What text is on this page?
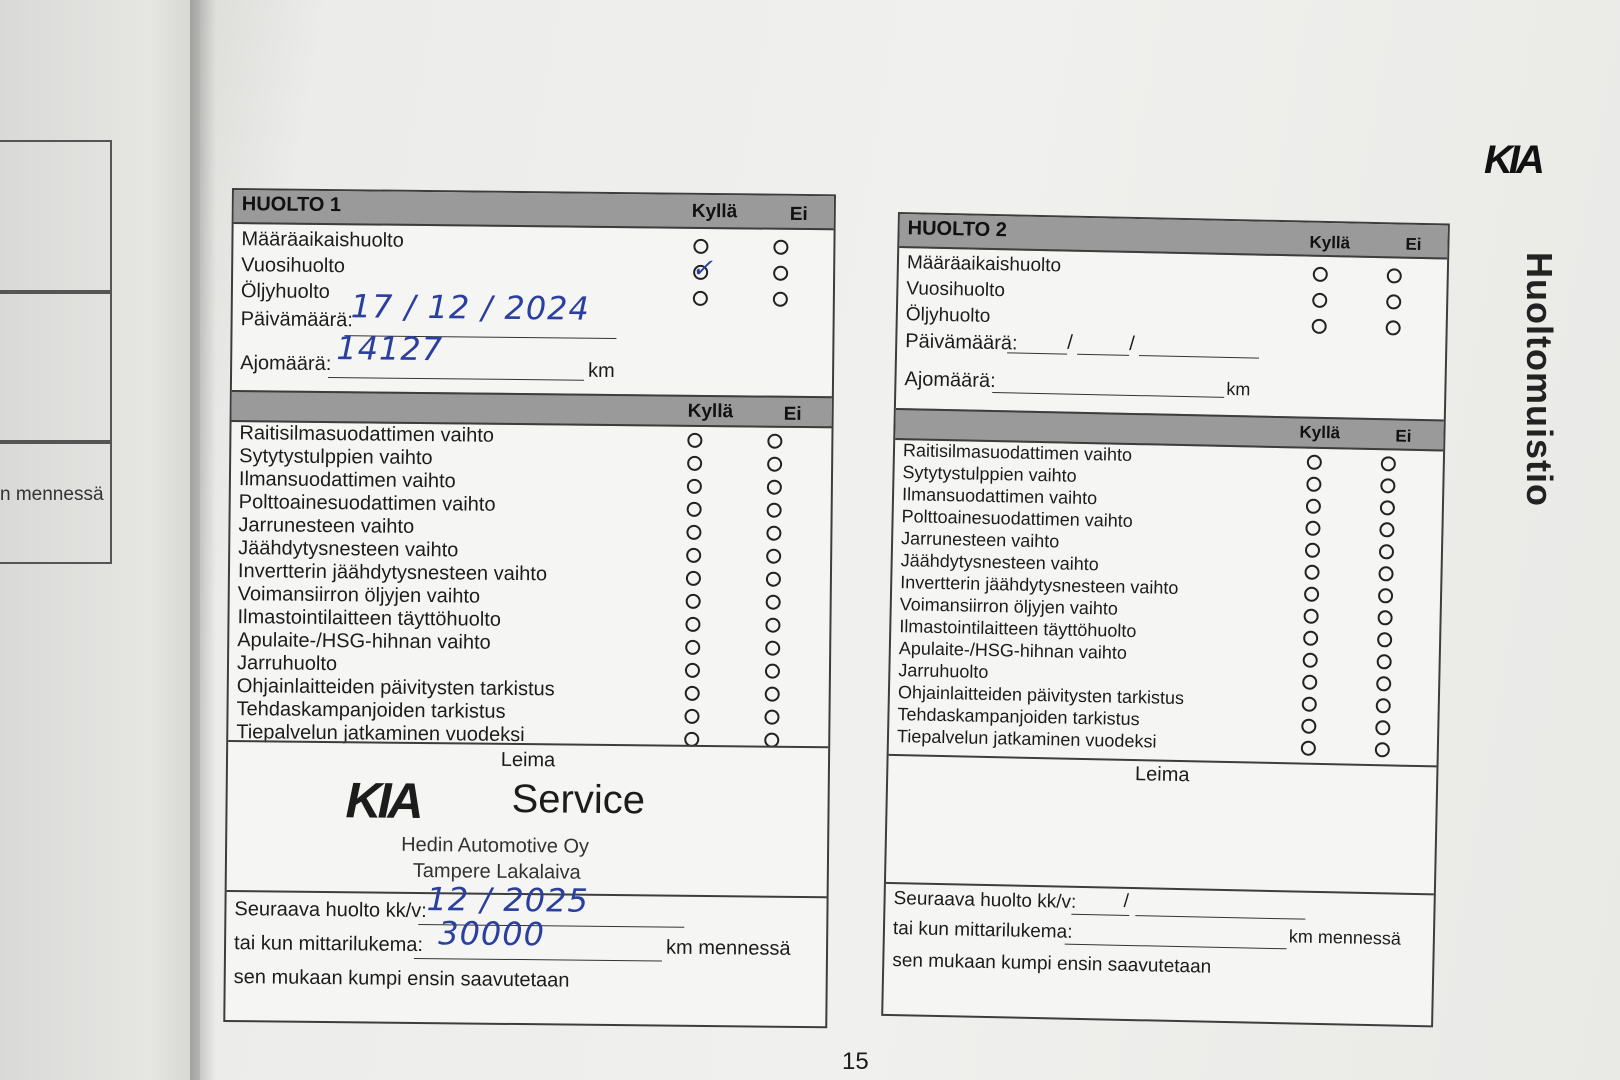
n mennessä
KIA
Huoltomuistio
HUOLTO 1	Kyllä	Ei
Määräaikaishuolto
Vuosihuolto	✓
Öljyhuolto
Päivämäärä:
17 / 12 / 2024
Ajomäärä: 14127
km
Kyllä	Ei
Raitisilmasuodattimen vaihto
Sytytystulppien vaihto
Ilmansuodattimen vaihto
Polttoainesuodattimen vaihto
Jarrunesteen vaihto
Jäähdytysnesteen vaihto
Invertterin jäähdytysnesteen vaihto
Voimansiirron öljyjen vaihto
Ilmastointilaitteen täyttöhuolto
Apulaite-/HSG-hihnan vaihto
Jarruhuolto
Ohjainlaitteiden päivitysten tarkistus
Tehdaskampanjoiden tarkistus
Tiepalvelun jatkaminen vuodeksi
Leima
KIA Service
Hedin Automotive Oy
Tampere Lakalaiva
Seuraava huolto kk/v: 12 / 2025
tai kun mittarilukema: 30000	km mennessä
sen mukaan kumpi ensin saavutetaan
HUOLTO 2
Kyllä	Ei
Määräaikaishuolto
Vuosihuolto
Öljyhuolto
Päivämäärä: /	/
Ajomäärä:	km
Kyllä	Ei
Raitisilmasuodattimen vaihto
Sytytystulppien vaihto
Ilmansuodattimen vaihto
Polttoainesuodattimen vaihto
Jarrunesteen vaihto
Jäähdytysnesteen vaihto
Invertterin jäähdytysnesteen vaihto
Voimansiirron öljyjen vaihto
Ilmastointilaitteen täyttöhuolto
Apulaite-/HSG-hihnan vaihto
Jarruhuolto
Ohjainlaitteiden päivitysten tarkistus
Tehdaskampanjoiden tarkistus
Tiepalvelun jatkaminen vuodeksi
Leima
Seuraava huolto kk/v: /
tai kun mittarilukema:	km mennessä
sen mukaan kumpi ensin saavutetaan
15
